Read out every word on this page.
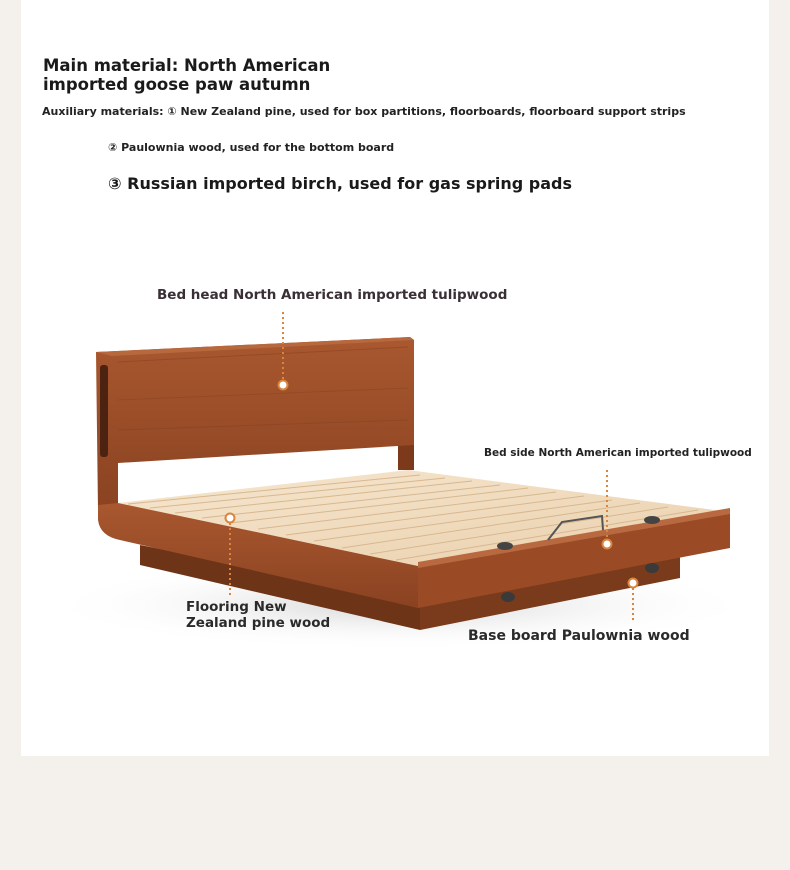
Main material: North American imported goose paw autumn
Auxiliary materials: ① New Zealand pine, used for box partitions, floorboards, floorboard support strips
② Paulownia wood, used for the bottom board
③ Russian imported birch, used for gas spring pads
Bed head North American imported tulipwood
Bed side North American imported tulipwood
Flooring New Zealand pine wood
Base board Paulownia wood
